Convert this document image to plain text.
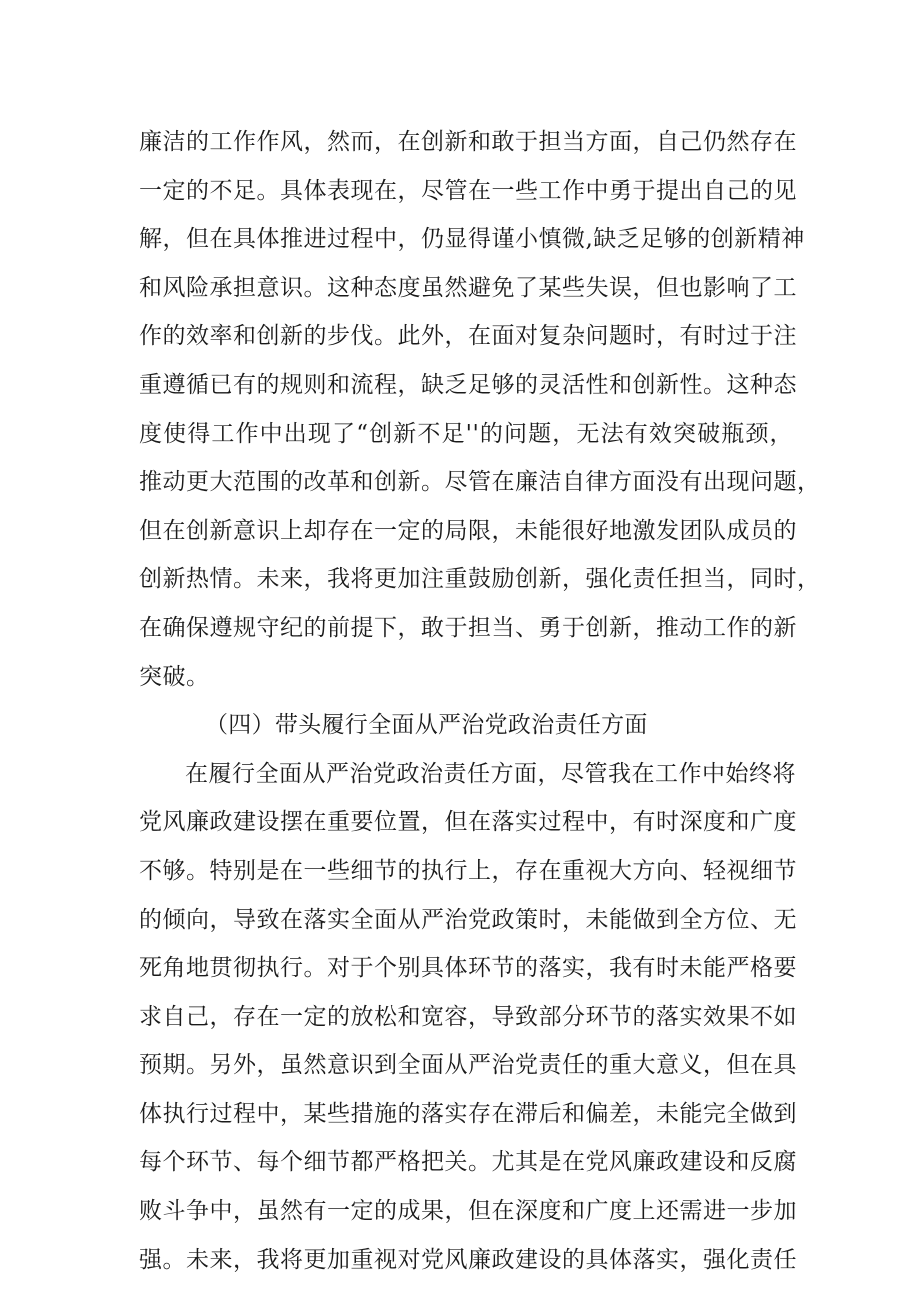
廉洁的工作作风，然而，在创新和敢于担当方面，自己仍然存在
一定的不足。具体表现在，尽管在一些工作中勇于提出自己的见
解，但在具体推进过程中，仍显得谨小慎微,缺乏足够的创新精神
和风险承担意识。这种态度虽然避免了某些失误，但也影响了工
作的效率和创新的步伐。此外，在面对复杂问题时，有时过于注
重遵循已有的规则和流程，缺乏足够的灵活性和创新性。这种态
度使得工作中出现了“创新不足''的问题，无法有效突破瓶颈，
推动更大范围的改革和创新。尽管在廉洁自律方面没有出现问题，
但在创新意识上却存在一定的局限，未能很好地激发团队成员的
创新热情。未来，我将更加注重鼓励创新，强化责任担当，同时，
在确保遵规守纪的前提下，敢于担当、勇于创新，推动工作的新
突破。
（四）带头履行全面从严治党政治责任方面
在履行全面从严治党政治责任方面，尽管我在工作中始终将
党风廉政建设摆在重要位置，但在落实过程中，有时深度和广度
不够。特别是在一些细节的执行上，存在重视大方向、轻视细节
的倾向，导致在落实全面从严治党政策时，未能做到全方位、无
死角地贯彻执行。对于个别具体环节的落实，我有时未能严格要
求自己，存在一定的放松和宽容，导致部分环节的落实效果不如
预期。另外，虽然意识到全面从严治党责任的重大意义，但在具
体执行过程中，某些措施的落实存在滞后和偏差，未能完全做到
每个环节、每个细节都严格把关。尤其是在党风廉政建设和反腐
败斗争中，虽然有一定的成果，但在深度和广度上还需进一步加
强。未来，我将更加重视对党风廉政建设的具体落实，强化责任
